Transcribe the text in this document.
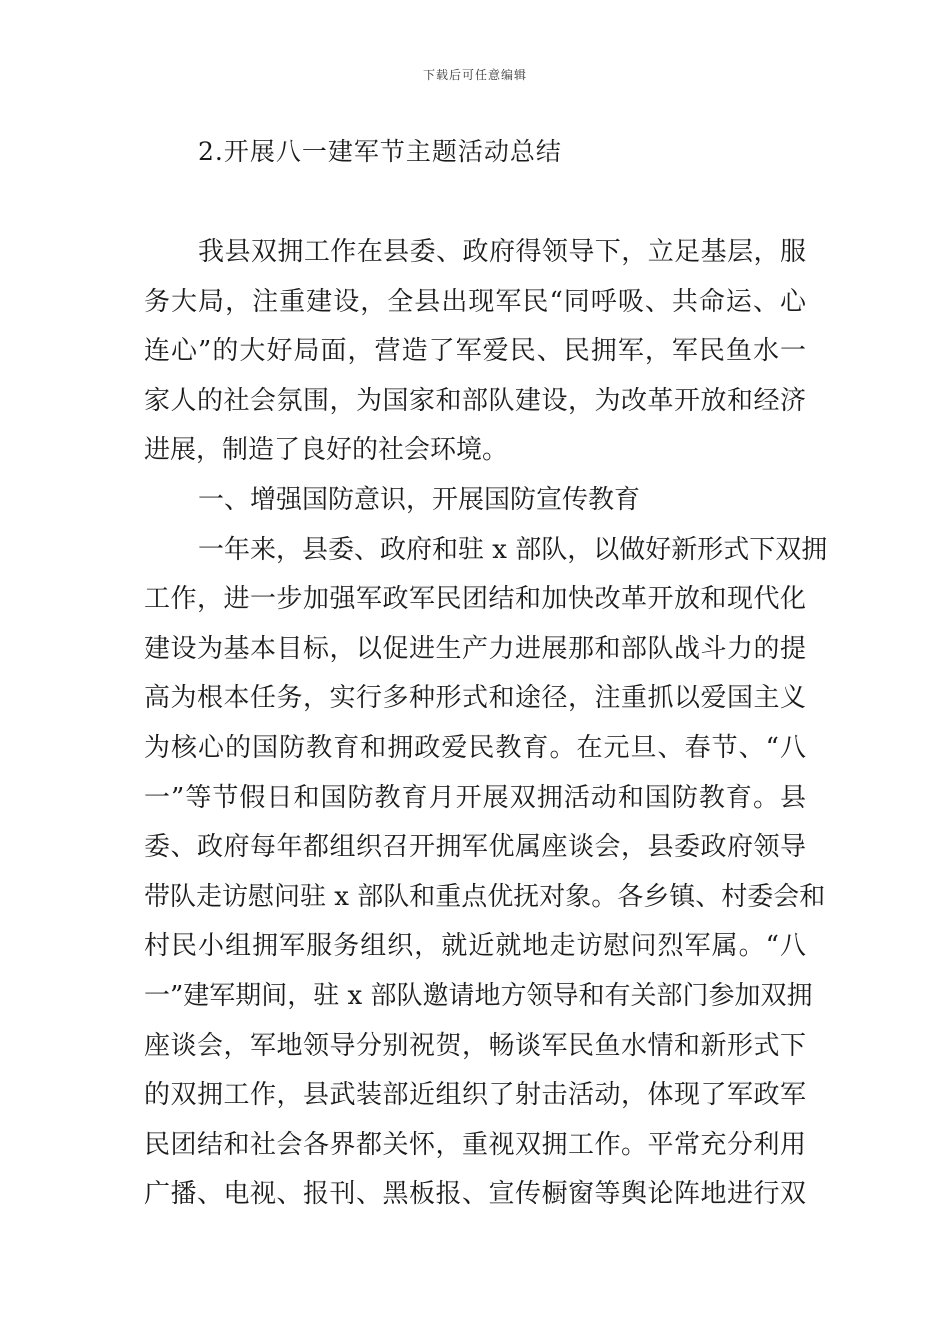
下载后可任意编辑
2.开展八一建军节主题活动总结
我县双拥工作在县委、政府得领导下，立足基层，服
务大局，注重建设，全县出现军民“同呼吸、共命运、心
连心”的大好局面，营造了军爱民、民拥军，军民鱼水一
家人的社会氛围，为国家和部队建设，为改革开放和经济
进展，制造了良好的社会环境。
一、增强国防意识，开展国防宣传教育
一年来，县委、政府和驻 x 部队，以做好新形式下双拥
工作，进一步加强军政军民团结和加快改革开放和现代化
建设为基本目标，以促进生产力进展那和部队战斗力的提
高为根本任务，实行多种形式和途径，注重抓以爱国主义
为核心的国防教育和拥政爱民教育。在元旦、春节、“八
一”等节假日和国防教育月开展双拥活动和国防教育。县
委、政府每年都组织召开拥军优属座谈会，县委政府领导
带队走访慰问驻 x 部队和重点优抚对象。各乡镇、村委会和
村民小组拥军服务组织，就近就地走访慰问烈军属。“八
一”建军期间，驻 x 部队邀请地方领导和有关部门参加双拥
座谈会，军地领导分别祝贺，畅谈军民鱼水情和新形式下
的双拥工作，县武装部近组织了射击活动，体现了军政军
民团结和社会各界都关怀，重视双拥工作。平常充分利用
广播、电视、报刊、黑板报、宣传橱窗等舆论阵地进行双
